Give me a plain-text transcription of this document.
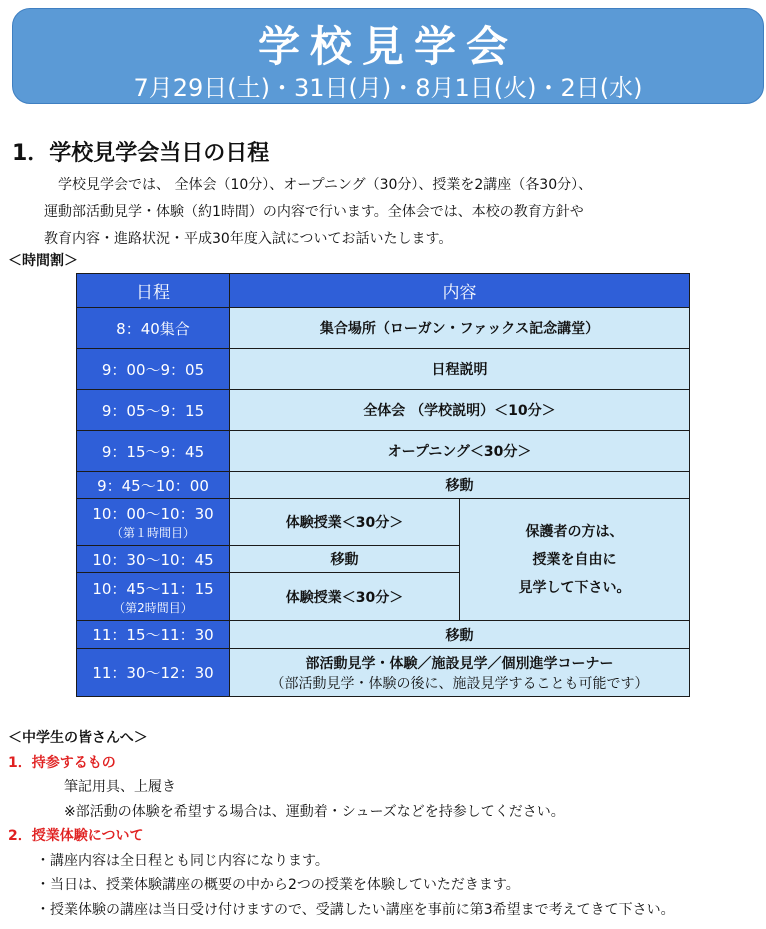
学校見学会
7月29日(土)・31日(月)・8月1日(火)・2日(水)
1．学校見学会当日の日程

　学校見学会では、 全体会（10分）、オープニング（30分）、授業を2講座（各30分）、

運動部活動見学・体験（約1時間）の内容で行います。全体会では、本校の教育方針や

教育内容・進路状況・平成30年度入試についてお話いたします。

＜時間割＞
日程	内容	
8：40集合	集合場所（ローガン・ファックス記念講堂）	
9：00〜9：05	日程説明	
9：05〜9：15	全体会 （学校説明）＜10分＞	
9：15〜9：45	オープニング＜30分＞	
9：45〜10：00	移動	
10：00〜10：30
（第１時間目）	体験授業＜30分＞	保護者の方は、
授業を自由に
見学して下さい。

10：30〜10：45	移動	
10：45〜11：15
（第2時間目）	体験授業＜30分＞	
11：15〜11：30	移動	
11：30〜12：30	部活動見学・体験／施設見学／個別進学コーナー
（部活動見学・体験の後に、施設見学することも可能です）	
＜中学生の皆さんへ＞
1．持参するもの
筆記用具、上履き
※部活動の体験を希望する場合は、運動着・シューズなどを持参してください。
2．授業体験について
・講座内容は全日程とも同じ内容になります。
・当日は、授業体験講座の概要の中から2つの授業を体験していただきます。
・授業体験の講座は当日受け付けますので、受講したい講座を事前に第3希望まで考えてきて下さい。
